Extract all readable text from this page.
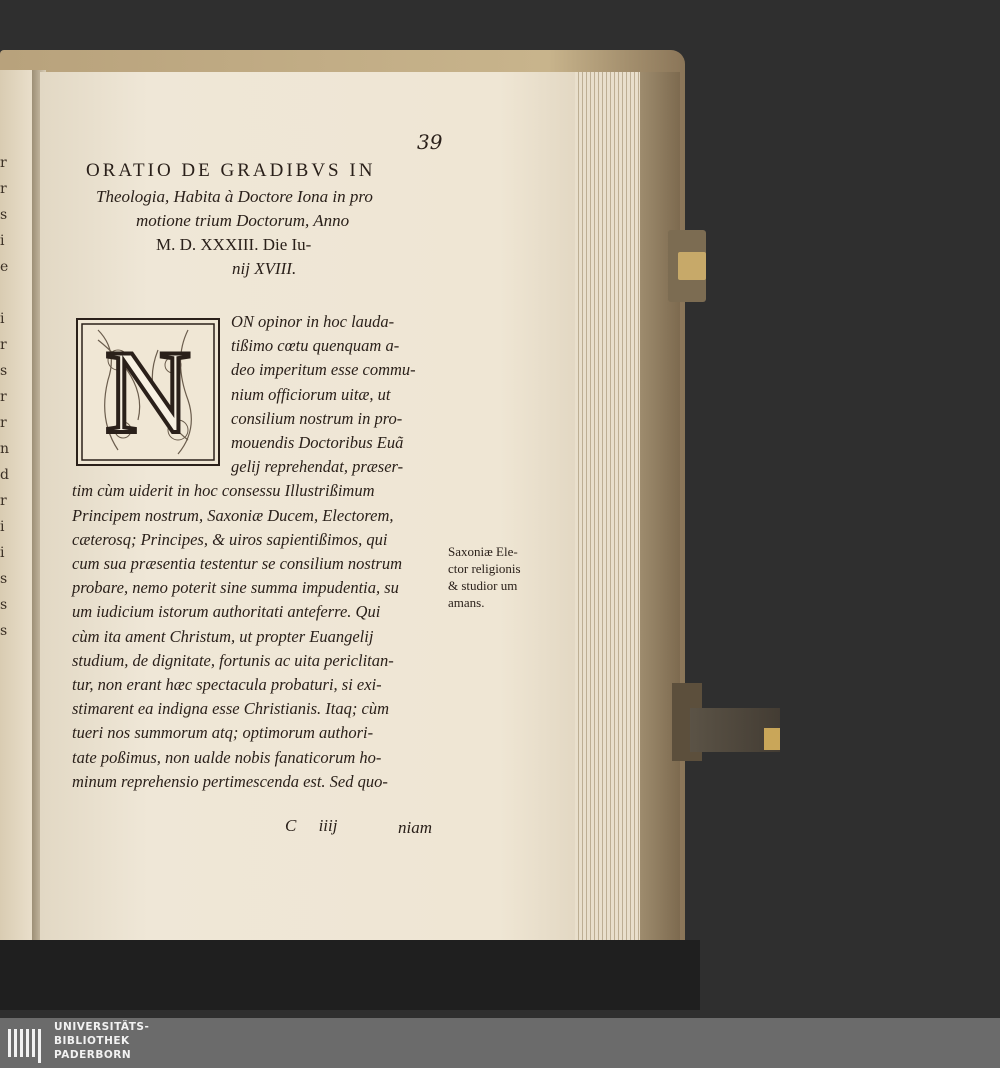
r
r
s
i
e

i
r
s
r
r
n
d
r
i
i
s
s
s
39
ORATIO DE GRADIBVS IN
Theologia, Habita à Doctore Iona in pro
motione trium Doctorum, Anno
M. D. XXXIII. Die Iu-
nij XVIII.
N
ON opinor in hoc lauda-
tißimo cœtu quenquam a-
deo imperitum esse commu-
nium officiorum uitæ, ut
consilium nostrum in pro-
mouendis Doctoribus Euã
gelij reprehendat, præser-
tim cùm uiderit in hoc consessu Illustrißimum
Principem nostrum, Saxoniæ Ducem, Electorem,
cæterosq; Principes, & uiros sapientißimos, qui
cum sua præsentia testentur se consilium nostrum
probare, nemo poterit sine summa impudentia, su
um iudicium istorum authoritati anteferre. Qui
cùm ita ament Christum, ut propter Euangelij
studium, de dignitate, fortunis ac uita periclitan-
tur, non erant hæc spectacula probaturi, si exi-
stimarent ea indigna esse Christianis. Itaq; cùm
tueri nos summorum atq; optimorum authori-
tate poßimus, non ualde nobis fanaticorum ho-
minum reprehensio pertimescenda est. Sed quo-
C iiij	niam
Saxoniæ Ele-
ctor religionis
& studior um
amans.
UNIVERSITÄTS-
BIBLIOTHEK
PADERBORN
